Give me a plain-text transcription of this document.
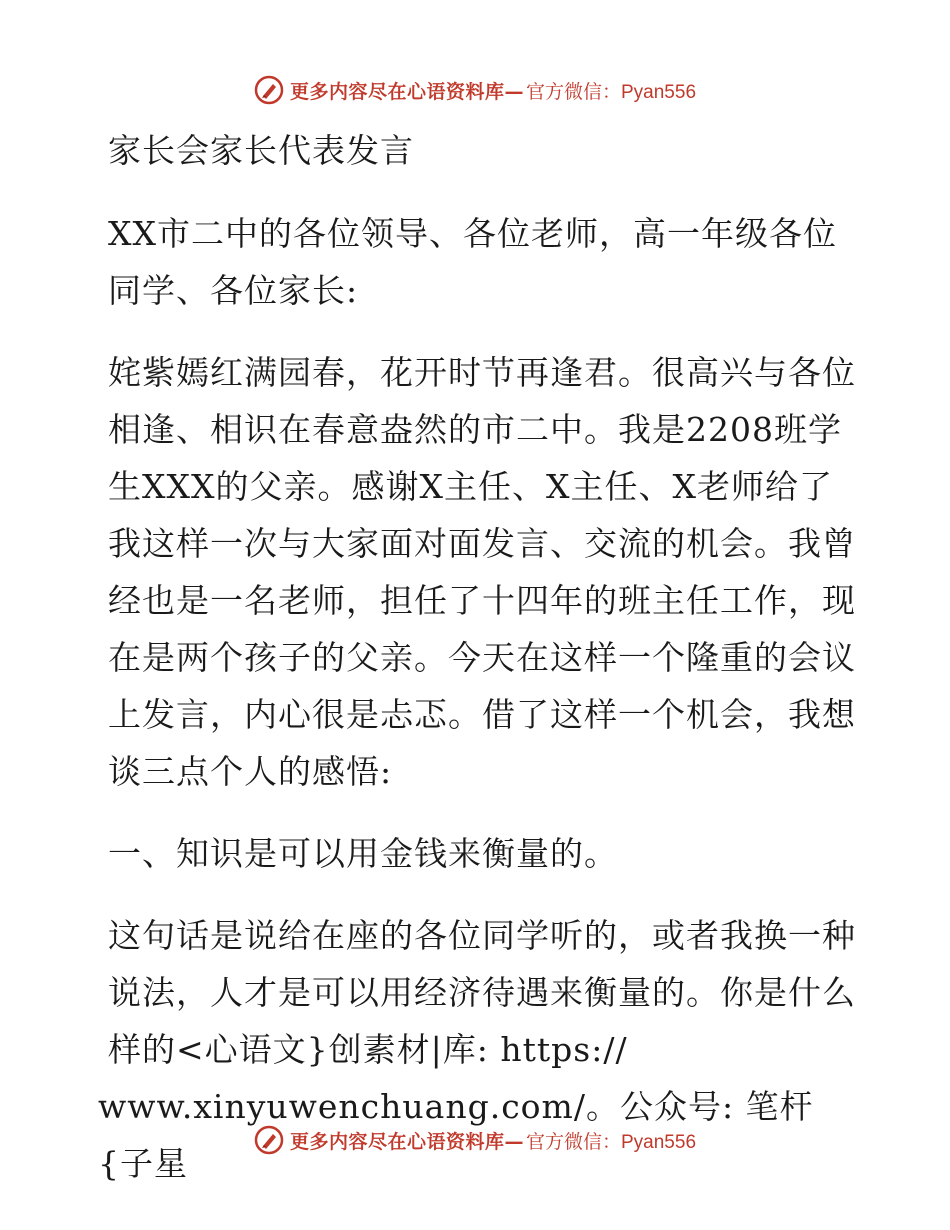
更多内容尽在心语资料库— 官方微信：Pyan556

家长会家长代表发言

XX市二中的各位领导、各位老师，高一年级各位同学、各位家长:

姹紫嫣红满园春，花开时节再逢君。很高兴与各位相逢、相识在春意盎然的市二中。我是2208班学生XXX的父亲。感谢X主任、X主任、X老师给了我这样一次与大家面对面发言、交流的机会。我曾经也是一名老师，担任了十四年的班主任工作，现在是两个孩子的父亲。今天在这样一个隆重的会议上发言，内心很是忐忑。借了这样一个机会，我想谈三点个人的感悟:

一、知识是可以用金钱来衡量的。

这句话是说给在座的各位同学听的，或者我换一种说法，人才是可以用经济待遇来衡量的。你是什么样的<心语文}创素材|库: https://

www.xinyuwenchuang.com/。公众号: 笔杆{子星

更多内容尽在心语资料库— 官方微信：Pyan556
